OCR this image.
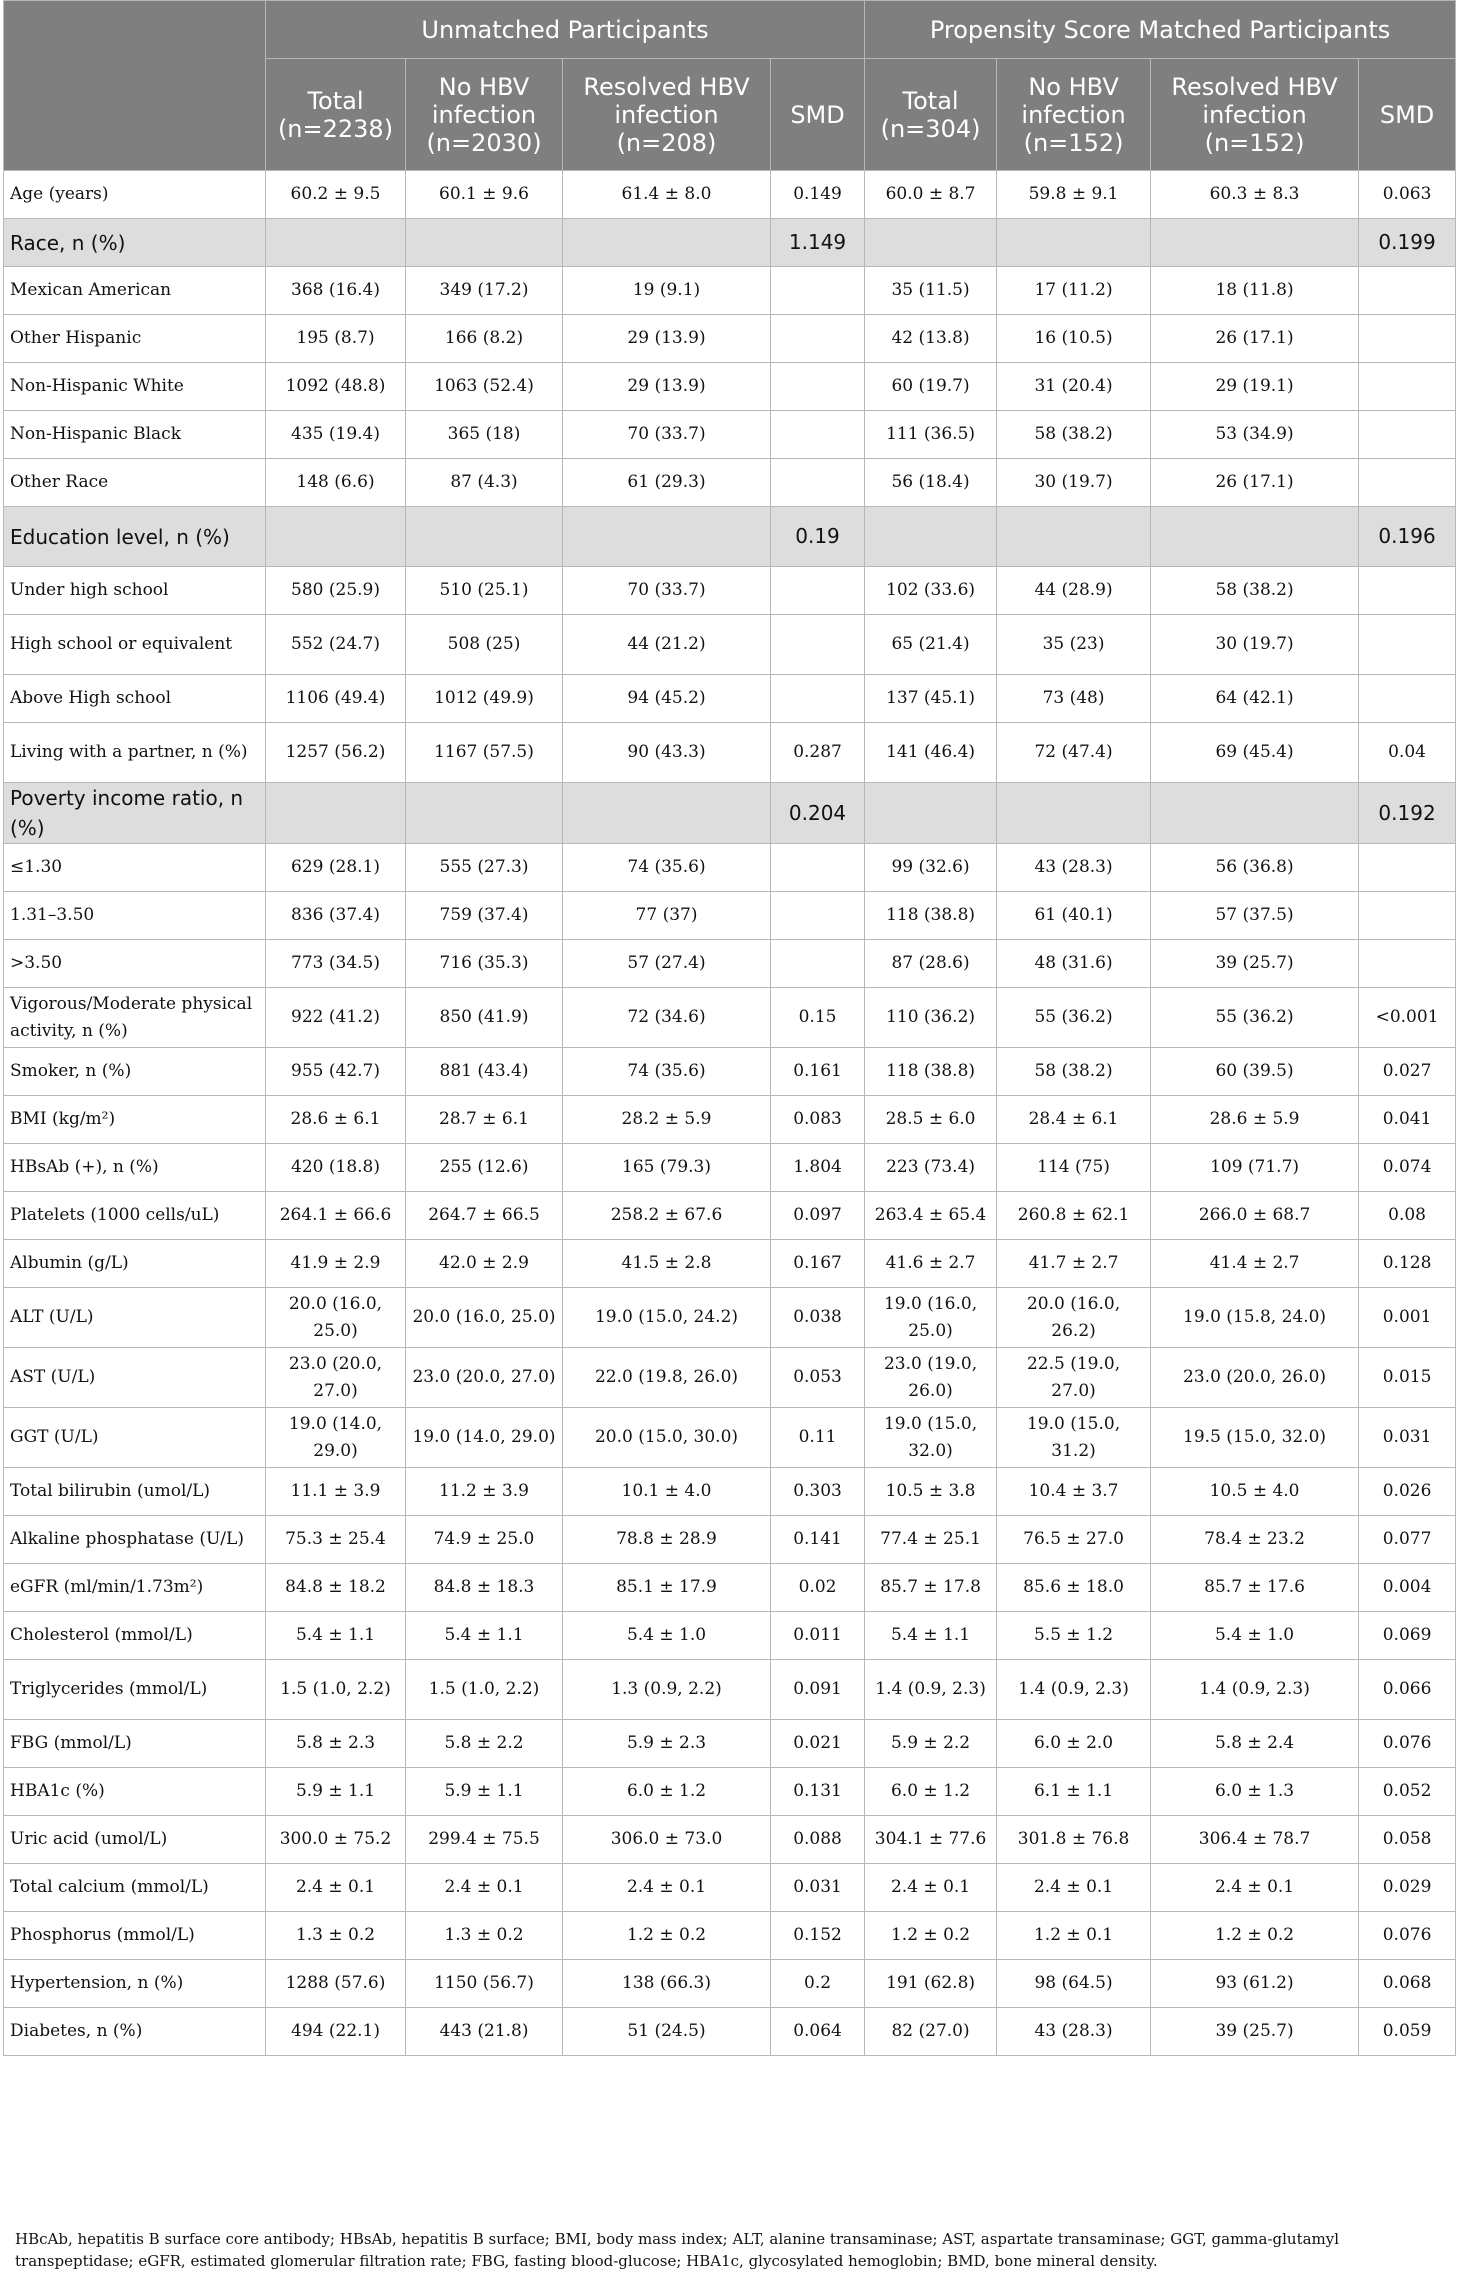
	Unmatched Participants				Propensity Score Matched Participants			
	Total (n=2238)	No HBV infection (n=2030)	Resolved HBV infection (n=208)	SMD	Total (n=304)	No HBV infection (n=152)	Resolved HBV infection (n=152)	SMD
Age (years)	60.2 ± 9.5	60.1 ± 9.6	61.4 ± 8.0	0.149	60.0 ± 8.7	59.8 ± 9.1	60.3 ± 8.3	0.063
Race, n (%)				1.149				0.199
Mexican American	368 (16.4)	349 (17.2)	19 (9.1)		35 (11.5)	17 (11.2)	18 (11.8)	
Other Hispanic	195 (8.7)	166 (8.2)	29 (13.9)		42 (13.8)	16 (10.5)	26 (17.1)	
Non-Hispanic White	1092 (48.8)	1063 (52.4)	29 (13.9)		60 (19.7)	31 (20.4)	29 (19.1)	
Non-Hispanic Black	435 (19.4)	365 (18)	70 (33.7)		111 (36.5)	58 (38.2)	53 (34.9)	
Other Race	148 (6.6)	87 (4.3)	61 (29.3)		56 (18.4)	30 (19.7)	26 (17.1)	
Education level, n (%)				0.19				0.196
Under high school	580 (25.9)	510 (25.1)	70 (33.7)		102 (33.6)	44 (28.9)	58 (38.2)	
High school or equivalent	552 (24.7)	508 (25)	44 (21.2)		65 (21.4)	35 (23)	30 (19.7)	
Above High school	1106 (49.4)	1012 (49.9)	94 (45.2)		137 (45.1)	73 (48)	64 (42.1)	
Living with a partner, n (%)	1257 (56.2)	1167 (57.5)	90 (43.3)	0.287	141 (46.4)	72 (47.4)	69 (45.4)	0.04
Poverty income ratio, n (%)				0.204				0.192
≤1.30	629 (28.1)	555 (27.3)	74 (35.6)		99 (32.6)	43 (28.3)	56 (36.8)	
1.31–3.50	836 (37.4)	759 (37.4)	77 (37)		118 (38.8)	61 (40.1)	57 (37.5)	
>3.50	773 (34.5)	716 (35.3)	57 (27.4)		87 (28.6)	48 (31.6)	39 (25.7)	
Vigorous/Moderate physical activity, n (%)	922 (41.2)	850 (41.9)	72 (34.6)	0.15	110 (36.2)	55 (36.2)	55 (36.2)	<0.001
Smoker, n (%)	955 (42.7)	881 (43.4)	74 (35.6)	0.161	118 (38.8)	58 (38.2)	60 (39.5)	0.027
BMI (kg/m²)	28.6 ± 6.1	28.7 ± 6.1	28.2 ± 5.9	0.083	28.5 ± 6.0	28.4 ± 6.1	28.6 ± 5.9	0.041
HBsAb (+), n (%)	420 (18.8)	255 (12.6)	165 (79.3)	1.804	223 (73.4)	114 (75)	109 (71.7)	0.074
Platelets (1000 cells/uL)	264.1 ± 66.6	264.7 ± 66.5	258.2 ± 67.6	0.097	263.4 ± 65.4	260.8 ± 62.1	266.0 ± 68.7	0.08
Albumin (g/L)	41.9 ± 2.9	42.0 ± 2.9	41.5 ± 2.8	0.167	41.6 ± 2.7	41.7 ± 2.7	41.4 ± 2.7	0.128
ALT (U/L)	20.0 (16.0, 25.0)	20.0 (16.0, 25.0)	19.0 (15.0, 24.2)	0.038	19.0 (16.0, 25.0)	20.0 (16.0, 26.2)	19.0 (15.8, 24.0)	0.001
AST (U/L)	23.0 (20.0, 27.0)	23.0 (20.0, 27.0)	22.0 (19.8, 26.0)	0.053	23.0 (19.0, 26.0)	22.5 (19.0, 27.0)	23.0 (20.0, 26.0)	0.015
GGT (U/L)	19.0 (14.0, 29.0)	19.0 (14.0, 29.0)	20.0 (15.0, 30.0)	0.11	19.0 (15.0, 32.0)	19.0 (15.0, 31.2)	19.5 (15.0, 32.0)	0.031
Total bilirubin (umol/L)	11.1 ± 3.9	11.2 ± 3.9	10.1 ± 4.0	0.303	10.5 ± 3.8	10.4 ± 3.7	10.5 ± 4.0	0.026
Alkaline phosphatase (U/L)	75.3 ± 25.4	74.9 ± 25.0	78.8 ± 28.9	0.141	77.4 ± 25.1	76.5 ± 27.0	78.4 ± 23.2	0.077
eGFR (ml/min/1.73m²)	84.8 ± 18.2	84.8 ± 18.3	85.1 ± 17.9	0.02	85.7 ± 17.8	85.6 ± 18.0	85.7 ± 17.6	0.004
Cholesterol (mmol/L)	5.4 ± 1.1	5.4 ± 1.1	5.4 ± 1.0	0.011	5.4 ± 1.1	5.5 ± 1.2	5.4 ± 1.0	0.069
Triglycerides (mmol/L)	1.5 (1.0, 2.2)	1.5 (1.0, 2.2)	1.3 (0.9, 2.2)	0.091	1.4 (0.9, 2.3)	1.4 (0.9, 2.3)	1.4 (0.9, 2.3)	0.066
FBG (mmol/L)	5.8 ± 2.3	5.8 ± 2.2	5.9 ± 2.3	0.021	5.9 ± 2.2	6.0 ± 2.0	5.8 ± 2.4	0.076
HBA1c (%)	5.9 ± 1.1	5.9 ± 1.1	6.0 ± 1.2	0.131	6.0 ± 1.2	6.1 ± 1.1	6.0 ± 1.3	0.052
Uric acid (umol/L)	300.0 ± 75.2	299.4 ± 75.5	306.0 ± 73.0	0.088	304.1 ± 77.6	301.8 ± 76.8	306.4 ± 78.7	0.058
Total calcium (mmol/L)	2.4 ± 0.1	2.4 ± 0.1	2.4 ± 0.1	0.031	2.4 ± 0.1	2.4 ± 0.1	2.4 ± 0.1	0.029
Phosphorus (mmol/L)	1.3 ± 0.2	1.3 ± 0.2	1.2 ± 0.2	0.152	1.2 ± 0.2	1.2 ± 0.1	1.2 ± 0.2	0.076
Hypertension, n (%)	1288 (57.6)	1150 (56.7)	138 (66.3)	0.2	191 (62.8)	98 (64.5)	93 (61.2)	0.068
Diabetes, n (%)	494 (22.1)	443 (21.8)	51 (24.5)	0.064	82 (27.0)	43 (28.3)	39 (25.7)	0.059
HBcAb, hepatitis B surface core antibody; HBsAb, hepatitis B surface; BMI, body mass index; ALT, alanine transaminase; AST, aspartate transaminase; GGT, gamma-glutamyl transpeptidase; eGFR, estimated glomerular filtration rate; FBG, fasting blood-glucose; HBA1c, glycosylated hemoglobin; BMD, bone mineral density.
